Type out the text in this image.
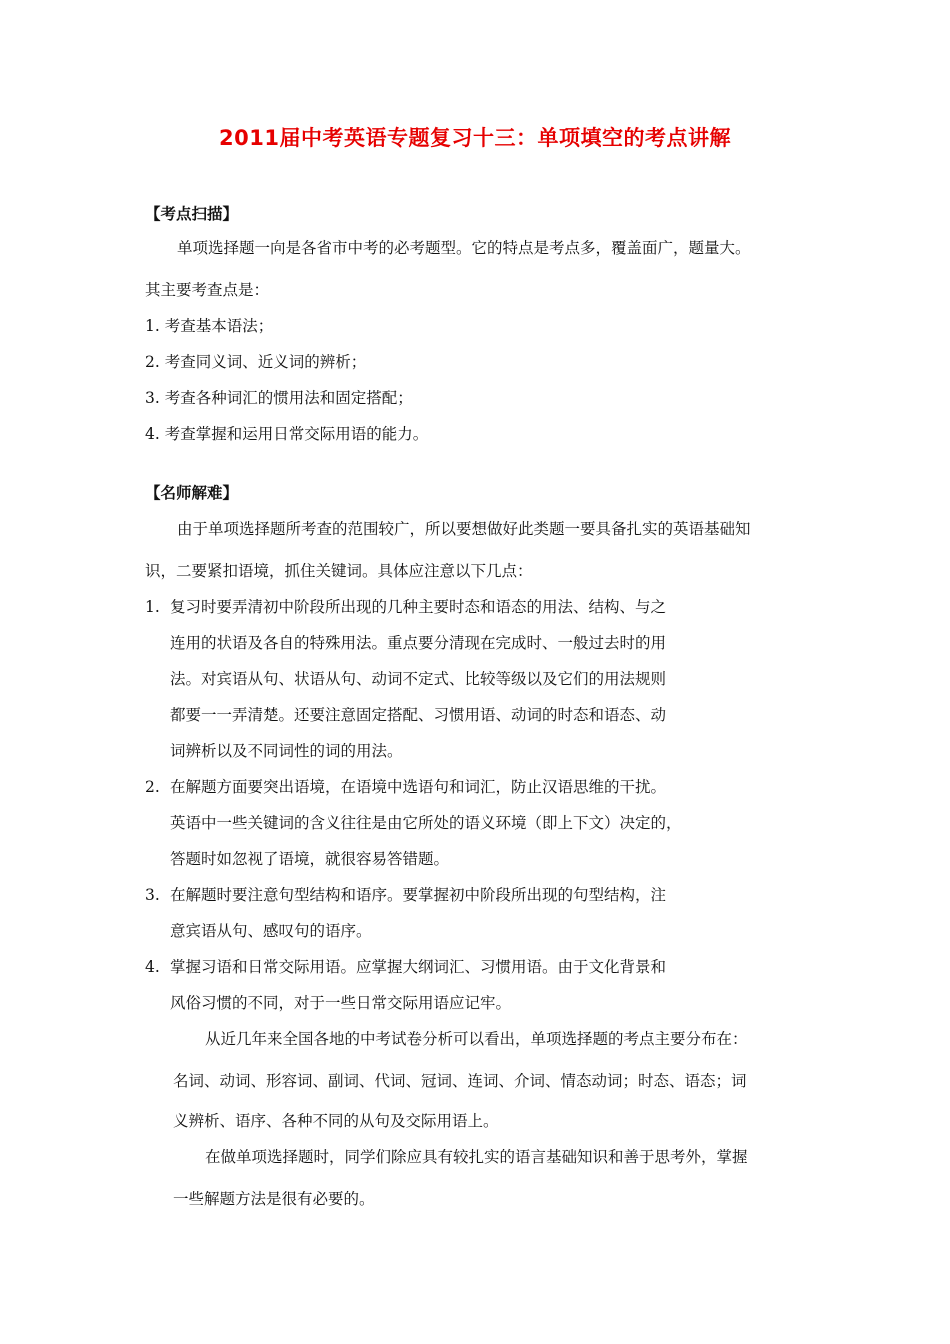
2011届中考英语专题复习十三：单项填空的考点讲解
【考点扫描】
单项选择题一向是各省市中考的必考题型。它的特点是考点多，覆盖面广，题量大。
其主要考查点是：
1. 考查基本语法；
2. 考查同义词、近义词的辨析；
3. 考查各种词汇的惯用法和固定搭配；
4. 考查掌握和运用日常交际用语的能力。
【名师解难】
由于单项选择题所考查的范围较广，所以要想做好此类题一要具备扎实的英语基础知
识，二要紧扣语境，抓住关键词。具体应注意以下几点：
1. 复习时要弄清初中阶段所出现的几种主要时态和语态的用法、结构、与之
连用的状语及各自的特殊用法。重点要分清现在完成时、一般过去时的用
法。对宾语从句、状语从句、动词不定式、比较等级以及它们的用法规则
都要一一弄清楚。还要注意固定搭配、习惯用语、动词的时态和语态、动
词辨析以及不同词性的词的用法。
2. 在解题方面要突出语境，在语境中选语句和词汇，防止汉语思维的干扰。
英语中一些关键词的含义往往是由它所处的语义环境（即上下文）决定的，
答题时如忽视了语境，就很容易答错题。
3. 在解题时要注意句型结构和语序。要掌握初中阶段所出现的句型结构，注
意宾语从句、感叹句的语序。
4. 掌握习语和日常交际用语。应掌握大纲词汇、习惯用语。由于文化背景和
风俗习惯的不同，对于一些日常交际用语应记牢。
从近几年来全国各地的中考试卷分析可以看出，单项选择题的考点主要分布在：
名词、动词、形容词、副词、代词、冠词、连词、介词、情态动词；时态、语态；词
义辨析、语序、各种不同的从句及交际用语上。
在做单项选择题时，同学们除应具有较扎实的语言基础知识和善于思考外，掌握
一些解题方法是很有必要的。
